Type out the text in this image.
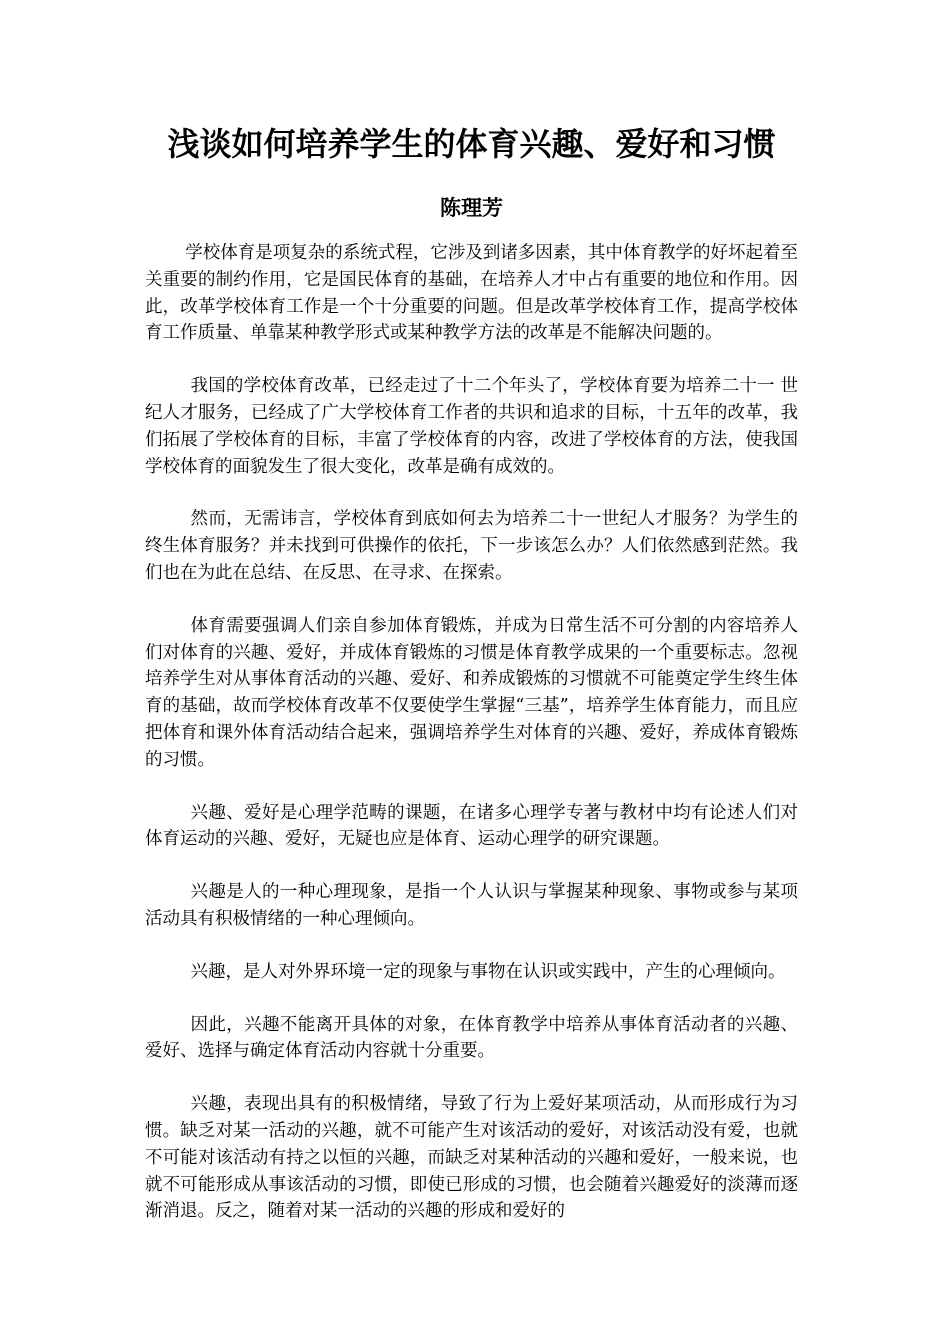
浅谈如何培养学生的体育兴趣、爱好和习惯
陈理芳

学校体育是项复杂的系统式程，它涉及到诸多因素，其中体育教学的好坏起着至关重要的制约作用，它是国民体育的基础，在培养人才中占有重要的地位和作用。因此，改革学校体育工作是一个十分重要的问题。但是改革学校体育工作，提高学校体育工作质量、单靠某种教学形式或某种教学方法的改革是不能解决问题的。

我国的学校体育改革，已经走过了十二个年头了，学校体育要为培养二十一 世纪人才服务，已经成了广大学校体育工作者的共识和追求的目标，十五年的改革，我们拓展了学校体育的目标，丰富了学校体育的内容，改进了学校体育的方法，使我国学校体育的面貌发生了很大变化，改革是确有成效的。

然而，无需讳言，学校体育到底如何去为培养二十一世纪人才服务？为学生的终生体育服务？并未找到可供操作的依托，下一步该怎么办？人们依然感到茫然。我们也在为此在总结、在反思、在寻求、在探索。

体育需要强调人们亲自参加体育锻炼，并成为日常生活不可分割的内容培养人们对体育的兴趣、爱好，并成体育锻炼的习惯是体育教学成果的一个重要标志。忽视培养学生对从事体育活动的兴趣、爱好、和养成锻炼的习惯就不可能奠定学生终生体育的基础，故而学校体育改革不仅要使学生掌握“三基”，培养学生体育能力，而且应把体育和课外体育活动结合起来，强调培养学生对体育的兴趣、爱好，养成体育锻炼的习惯。

兴趣、爱好是心理学范畴的课题，在诸多心理学专著与教材中均有论述人们对体育运动的兴趣、爱好，无疑也应是体育、运动心理学的研究课题。

兴趣是人的一种心理现象，是指一个人认识与掌握某种现象、事物或参与某项活动具有积极情绪的一种心理倾向。

兴趣，是人对外界环境一定的现象与事物在认识或实践中，产生的心理倾向。

因此，兴趣不能离开具体的对象，在体育教学中培养从事体育活动者的兴趣、爱好、选择与确定体育活动内容就十分重要。

兴趣，表现出具有的积极情绪，导致了行为上爱好某项活动，从而形成行为习惯。缺乏对某一活动的兴趣，就不可能产生对该活动的爱好，对该活动没有爱，也就不可能对该活动有持之以恒的兴趣，而缺乏对某种活动的兴趣和爱好，一般来说，也就不可能形成从事该活动的习惯，即使已形成的习惯，也会随着兴趣爱好的淡薄而逐渐消退。反之，随着对某一活动的兴趣的形成和爱好的
